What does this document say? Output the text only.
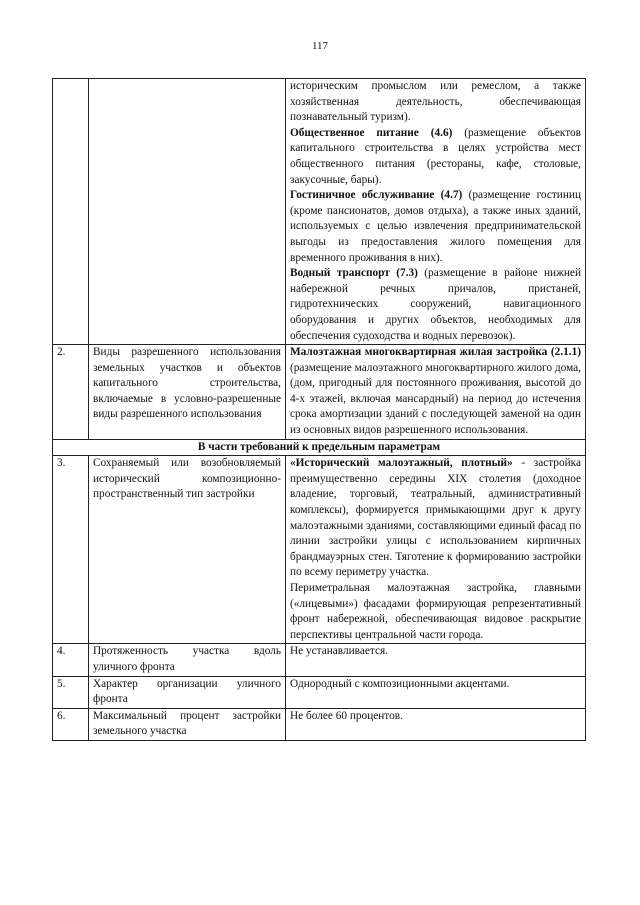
117

		историческим промыслом или ремеслом, а также хозяйственная деятельность, обеспечивающая познавательный туризм).

Общественное питание (4.6) (размещение объектов капитального строительства в целях устройства мест общественного питания (рестораны, кафе, столовые, закусочные, бары).

Гостиничное обслуживание (4.7) (размещение гостиниц (кроме пансионатов, домов отдыха), а также иных зданий, используемых с целью извлечения предпринимательской выгоды из предоставления жилого помещения для временного проживания в них).

Водный транспорт (7.3) (размещение в районе нижней набережной речных причалов, пристаней, гидротехнических сооружений, навигационного оборудования и других объектов, необходимых для обеспечения судоходства и водных перевозок).

2.	Виды разрешенного использования земельных участков и объектов капитального строительства, включаемые в условно-разрешенные виды разрешенного использования	Малоэтажная многоквартирная жилая застройка (2.1.1) (размещение малоэтажного многоквартирного жилого дома, (дом, пригодный для постоянного проживания, высотой до 4-х этажей, включая мансардный) на период до истечения срока амортизации зданий с последующей заменой на один из основных видов разрешенного использования.

В части требований к предельным параметрам		
3.	Сохраняемый или возобновляемый исторический композиционно-пространственный тип застройки	«Исторический малоэтажный, плотный» - застройка преимущественно середины XIX столетия (доходное владение, торговый, театральный, административный комплексы), формируется примыкающими друг к другу малоэтажными зданиями, составляющими единый фасад по линии застройки улицы с использованием кирпичных брандмауэрных стен. Тяготение к формированию застройки по всему периметру участка.

Периметральная малоэтажная застройка, главными («лицевыми») фасадами формирующая репрезентативный фронт набережной, обеспечивающая видовое раскрытие перспективы центральной части города.

4.	Протяженность участка вдоль уличного фронта	Не устанавливается.
5.	Характер организации уличного фронта	Однородный с композиционными акцентами.
6.	Максимальный процент застройки земельного участка	Не более 60 процентов.
